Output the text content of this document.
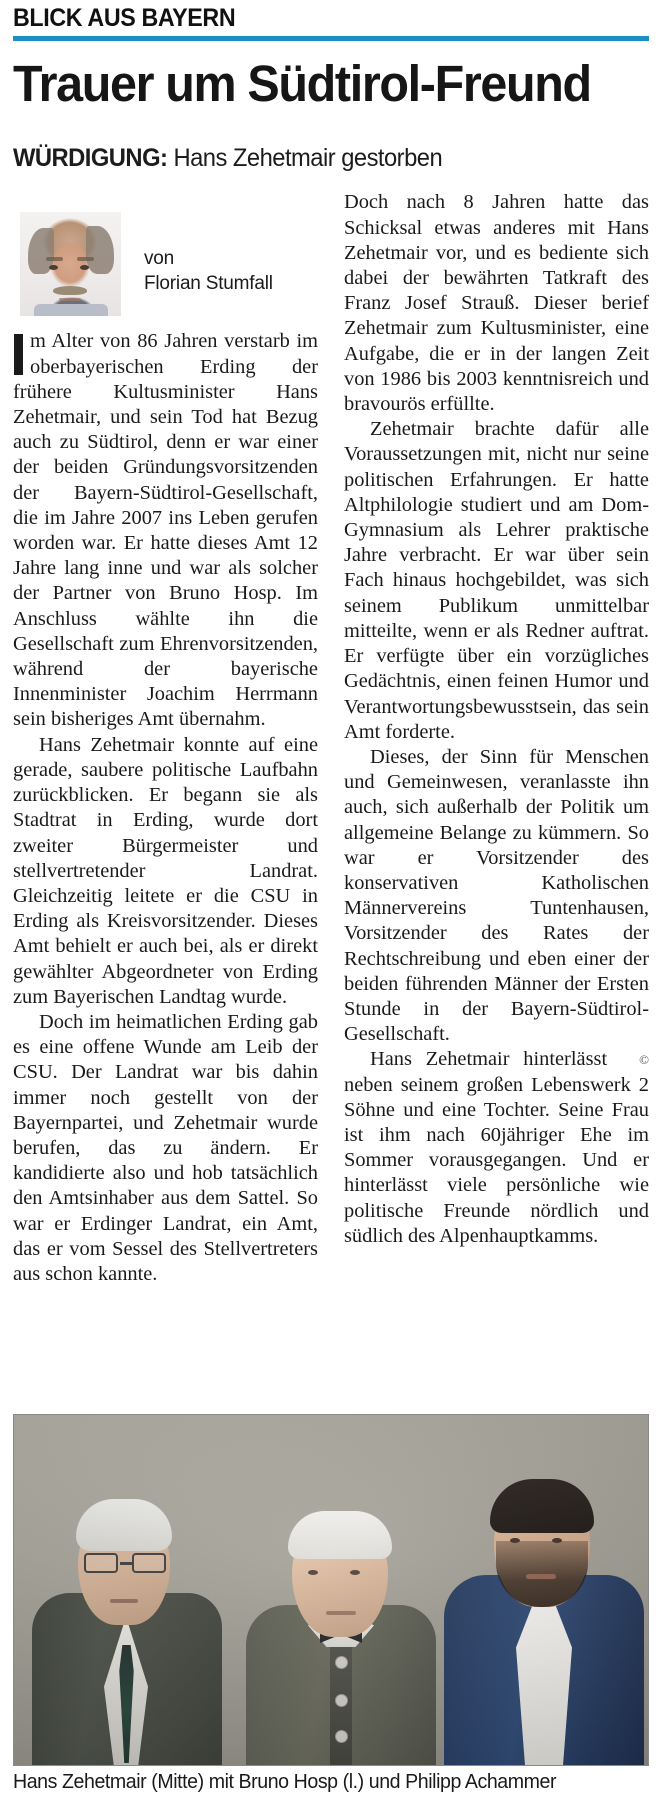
BLICK AUS BAYERN
Trauer um Südtirol-Freund
WÜRDIGUNG: Hans Zehetmair gestorben
von
Florian Stumfall

m Alter von 86 Jahren verstarb im oberbayerischen Erding der frühere Kultusminister Hans Zehetmair, und sein Tod hat Bezug auch zu Südtirol, denn er war einer der beiden Gründungsvorsitzenden der Bayern-Südtirol-Gesellschaft, die im Jahre 2007 ins Leben gerufen worden war. Er hatte dieses Amt 12 Jahre lang inne und war als solcher der Partner von Bruno Hosp. Im Anschluss wählte ihn die Gesellschaft zum Ehrenvorsitzenden, während der bayerische Innenminister Joachim Herrmann sein bisheriges Amt übernahm.

Hans Zehetmair konnte auf eine gerade, saubere politische Laufbahn zurückblicken. Er begann sie als Stadtrat in Erding, wurde dort zweiter Bürgermeister und stellvertretender Landrat. Gleichzeitig leitete er die CSU in Erding als Kreisvorsitzender. Dieses Amt behielt er auch bei, als er direkt gewählter Abgeordneter von Erding zum Bayerischen Landtag wurde.

Doch im heimatlichen Erding gab es eine offene Wunde am Leib der CSU. Der Landrat war bis dahin immer noch gestellt von der Bayernpartei, und Zehetmair wurde berufen, das zu ändern. Er kandidierte also und hob tatsächlich den Amtsinhaber aus dem Sattel. So war er Erdinger Landrat, ein Amt, das er vom Sessel des Stellvertreters aus schon kannte.

Doch nach 8 Jahren hatte das Schicksal etwas anderes mit Hans Zehetmair vor, und es bediente sich dabei der bewährten Tatkraft des Franz Josef Strauß. Dieser berief Zehetmair zum Kultusminister, eine Aufgabe, die er in der langen Zeit von 1986 bis 2003 kenntnisreich und bravourös erfüllte.

Zehetmair brachte dafür alle Voraussetzungen mit, nicht nur seine politischen Erfahrungen. Er hatte Altphilologie studiert und am Dom-Gymnasium als Lehrer praktische Jahre verbracht. Er war über sein Fach hinaus hochgebildet, was sich seinem Publikum unmittelbar mitteilte, wenn er als Redner auftrat. Er verfügte über ein vorzügliches Gedächtnis, einen feinen Humor und Verantwortungsbewusstsein, das sein Amt forderte.

Dieses, der Sinn für Menschen und Gemeinwesen, veranlasste ihn auch, sich außerhalb der Politik um allgemeine Belange zu kümmern. So war er Vorsitzender des konservativen Katholischen Männervereins Tuntenhausen, Vorsitzender des Rates der Rechtschreibung und eben einer der beiden führenden Männer der Ersten Stunde in der Bayern-Südtirol-Gesellschaft.

©
Hans Zehetmair hinterlässt neben seinem großen Lebenswerk 2 Söhne und eine Tochter. Seine Frau ist ihm nach 60jähriger Ehe im Sommer vorausgegangen. Und er hinterlässt viele persönliche wie politische Freunde nördlich und südlich des Alpenhauptkamms.

Hans Zehetmair (Mitte) mit Bruno Hosp (l.) und Philipp Achammer
